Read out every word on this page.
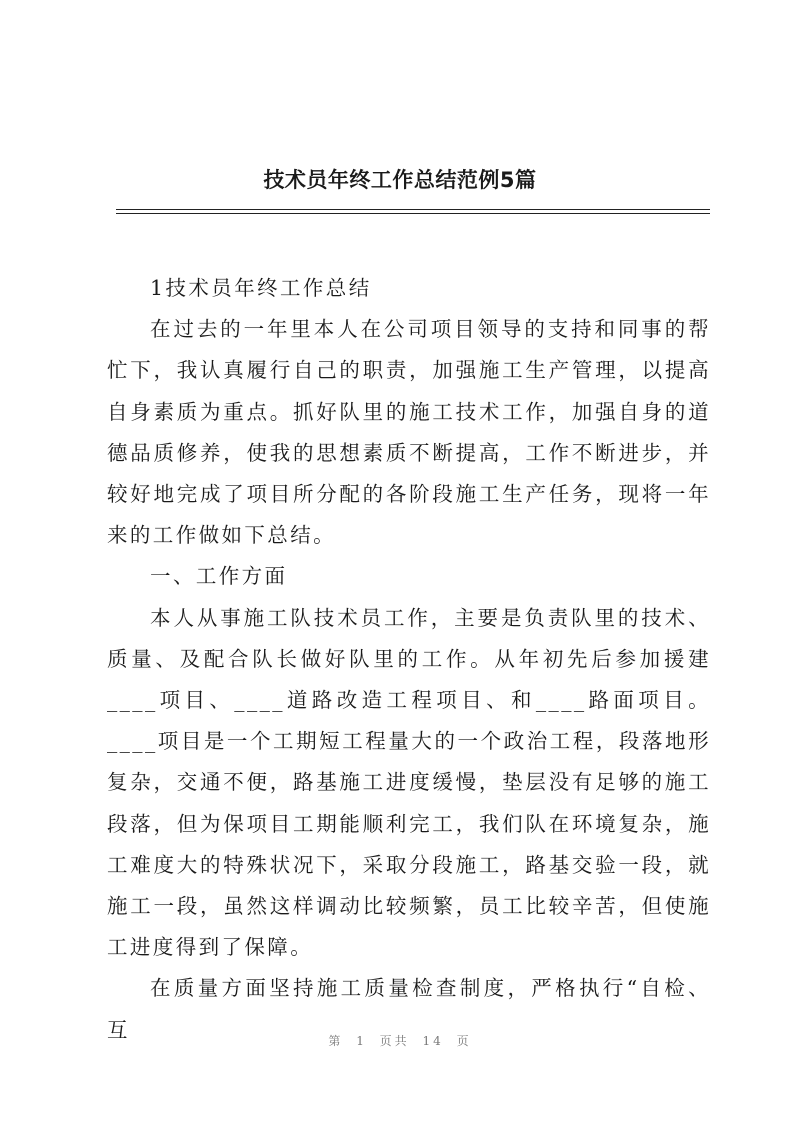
技术员年终工作总结范例5篇

1技术员年终工作总结

在过去的一年里本人在公司项目领导的支持和同事的帮忙下，我认真履行自己的职责，加强施工生产管理，以提高自身素质为重点。抓好队里的施工技术工作，加强自身的道德品质修养，使我的思想素质不断提高，工作不断进步，并较好地完成了项目所分配的各阶段施工生产任务，现将一年来的工作做如下总结。

一、工作方面

本人从事施工队技术员工作，主要是负责队里的技术、质量、及配合队长做好队里的工作。从年初先后参加援建____项目、____道路改造工程项目、和____路面项目。____项目是一个工期短工程量大的一个政治工程，段落地形复杂，交通不便，路基施工进度缓慢，垫层没有足够的施工段落，但为保项目工期能顺利完工，我们队在环境复杂，施工难度大的特殊状况下，采取分段施工，路基交验一段，就施工一段，虽然这样调动比较频繁，员工比较辛苦，但使施工进度得到了保障。

在质量方面坚持施工质量检查制度，严格执行“自检、互	第 1 页共 14 页
